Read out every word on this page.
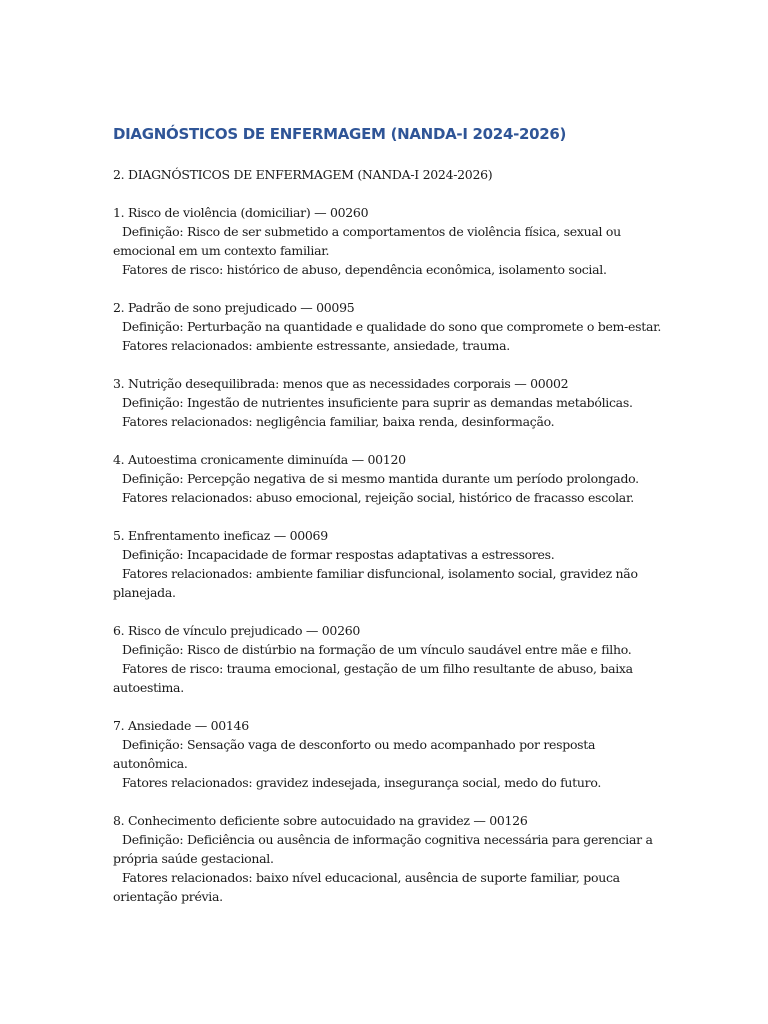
DIAGNÓSTICOS DE ENFERMAGEM (NANDA-I 2024-2026)

2. DIAGNÓSTICOS DE ENFERMAGEM (NANDA-I 2024-2026)

1. Risco de violência (domiciliar) — 00260

Definição: Risco de ser submetido a comportamentos de violência física, sexual ou emocional em um contexto familiar.

Fatores de risco: histórico de abuso, dependência econômica, isolamento social.

2. Padrão de sono prejudicado — 00095

Definição: Perturbação na quantidade e qualidade do sono que compromete o bem-estar.

Fatores relacionados: ambiente estressante, ansiedade, trauma.

3. Nutrição desequilibrada: menos que as necessidades corporais — 00002

Definição: Ingestão de nutrientes insuficiente para suprir as demandas metabólicas.

Fatores relacionados: negligência familiar, baixa renda, desinformação.

4. Autoestima cronicamente diminuída — 00120

Definição: Percepção negativa de si mesmo mantida durante um período prolongado.

Fatores relacionados: abuso emocional, rejeição social, histórico de fracasso escolar.

5. Enfrentamento ineficaz — 00069

Definição: Incapacidade de formar respostas adaptativas a estressores.

Fatores relacionados: ambiente familiar disfuncional, isolamento social, gravidez não planejada.

6. Risco de vínculo prejudicado — 00260

Definição: Risco de distúrbio na formação de um vínculo saudável entre mãe e filho.

Fatores de risco: trauma emocional, gestação de um filho resultante de abuso, baixa autoestima.

7. Ansiedade — 00146

Definição: Sensação vaga de desconforto ou medo acompanhado por resposta autonômica.

Fatores relacionados: gravidez indesejada, insegurança social, medo do futuro.

8. Conhecimento deficiente sobre autocuidado na gravidez — 00126

Definição: Deficiência ou ausência de informação cognitiva necessária para gerenciar a própria saúde gestacional.

Fatores relacionados: baixo nível educacional, ausência de suporte familiar, pouca orientação prévia.
